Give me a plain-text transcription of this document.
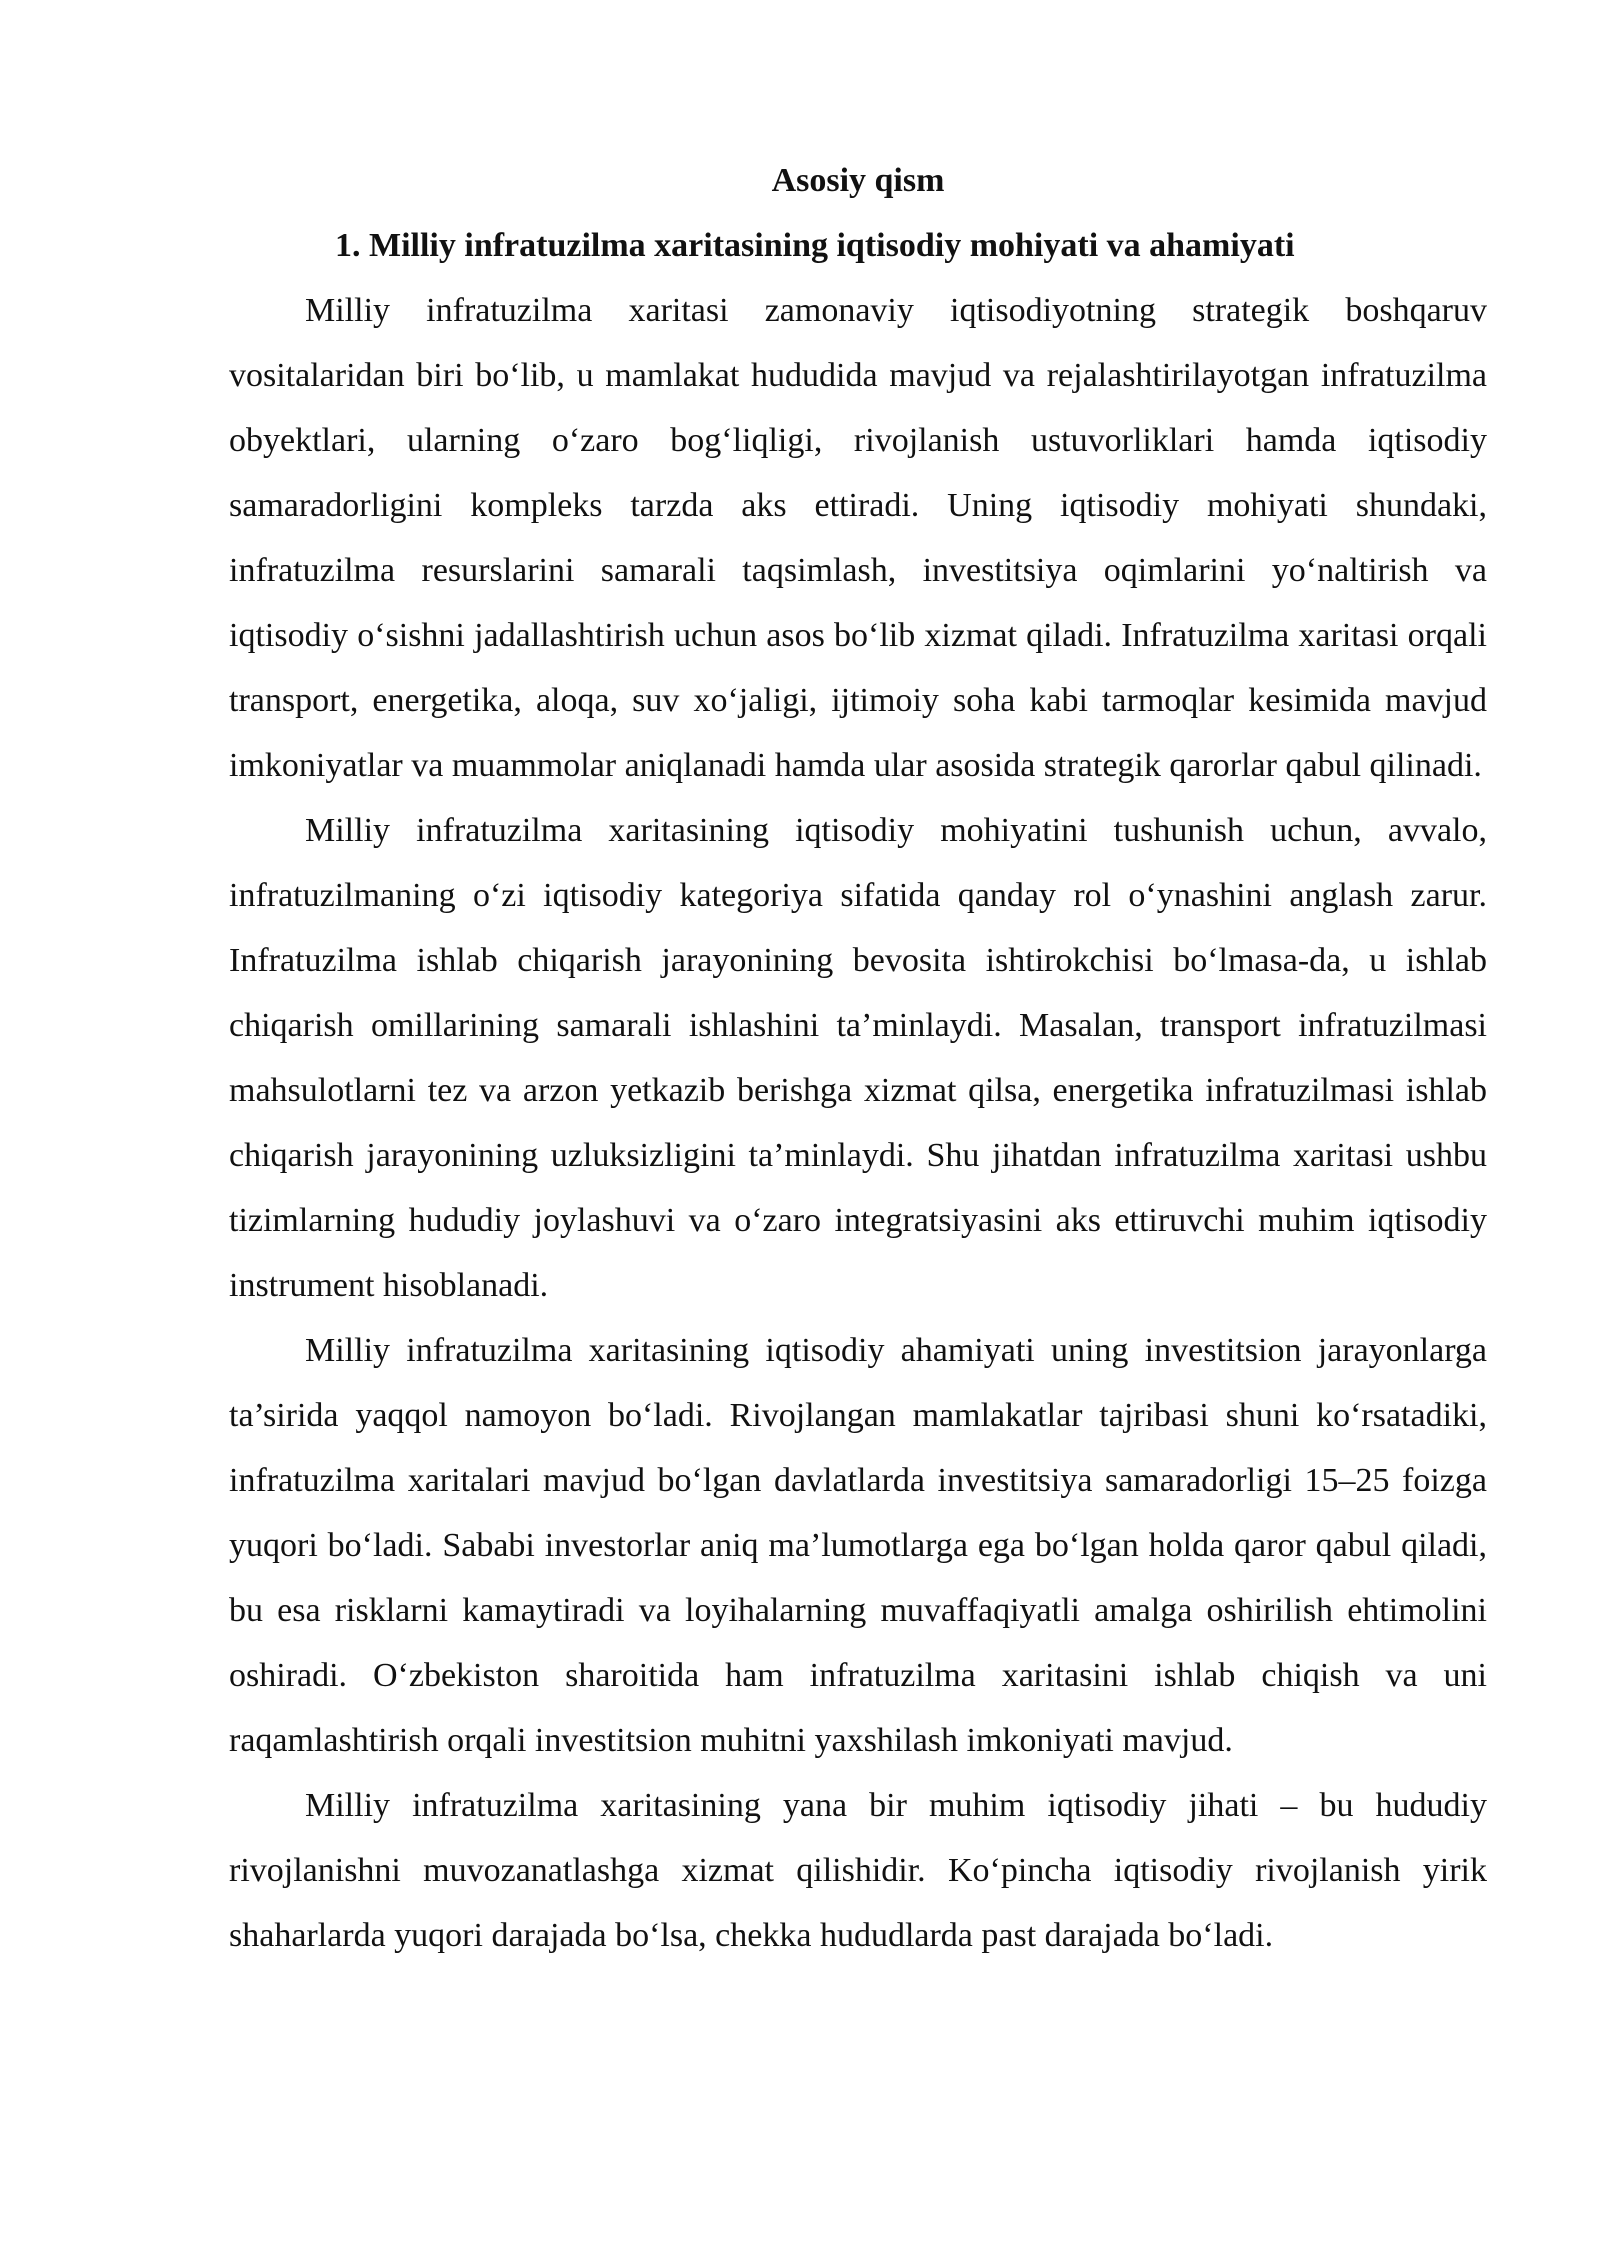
Asosiy qism
1. Milliy infratuzilma xaritasining iqtisodiy mohiyati va ahamiyati

Milliy infratuzilma xaritasi zamonaviy iqtisodiyotning strategik boshqaruv vositalaridan biri bo‘lib, u mamlakat hududida mavjud va rejalashtirilayotgan infratuzilma obyektlari, ularning o‘zaro bog‘liqligi, rivojlanish ustuvorliklari hamda iqtisodiy samaradorligini kompleks tarzda aks ettiradi. Uning iqtisodiy mohiyati shundaki, infratuzilma resurslarini samarali taqsimlash, investitsiya oqimlarini yo‘naltirish va iqtisodiy o‘sishni jadallashtirish uchun asos bo‘lib xizmat qiladi. Infratuzilma xaritasi orqali transport, energetika, aloqa, suv xo‘jaligi, ijtimoiy soha kabi tarmoqlar kesimida mavjud imkoniyatlar va muammolar aniqlanadi hamda ular asosida strategik qarorlar qabul qilinadi.

Milliy infratuzilma xaritasining iqtisodiy mohiyatini tushunish uchun, avvalo, infratuzilmaning o‘zi iqtisodiy kategoriya sifatida qanday rol o‘ynashini anglash zarur. Infratuzilma ishlab chiqarish jarayonining bevosita ishtirokchisi bo‘lmasa-da, u ishlab chiqarish omillarining samarali ishlashini ta’minlaydi. Masalan, transport infratuzilmasi mahsulotlarni tez va arzon yetkazib berishga xizmat qilsa, energetika infratuzilmasi ishlab chiqarish jarayonining uzluksizligini ta’minlaydi. Shu jihatdan infratuzilma xaritasi ushbu tizimlarning hududiy joylashuvi va o‘zaro integratsiyasini aks ettiruvchi muhim iqtisodiy instrument hisoblanadi.

Milliy infratuzilma xaritasining iqtisodiy ahamiyati uning investitsion jarayonlarga ta’sirida yaqqol namoyon bo‘ladi. Rivojlangan mamlakatlar tajribasi shuni ko‘rsatadiki, infratuzilma xaritalari mavjud bo‘lgan davlatlarda investitsiya samaradorligi 15–25 foizga yuqori bo‘ladi. Sababi investorlar aniq ma’lumotlarga ega bo‘lgan holda qaror qabul qiladi, bu esa risklarni kamaytiradi va loyihalarning muvaffaqiyatli amalga oshirilish ehtimolini oshiradi. O‘zbekiston sharoitida ham infratuzilma xaritasini ishlab chiqish va uni raqamlashtirish orqali investitsion muhitni yaxshilash imkoniyati mavjud.

Milliy infratuzilma xaritasining yana bir muhim iqtisodiy jihati – bu hududiy rivojlanishni muvozanatlashga xizmat qilishidir. Ko‘pincha iqtisodiy rivojlanish yirik shaharlarda yuqori darajada bo‘lsa, chekka hududlarda past darajada bo‘ladi.
